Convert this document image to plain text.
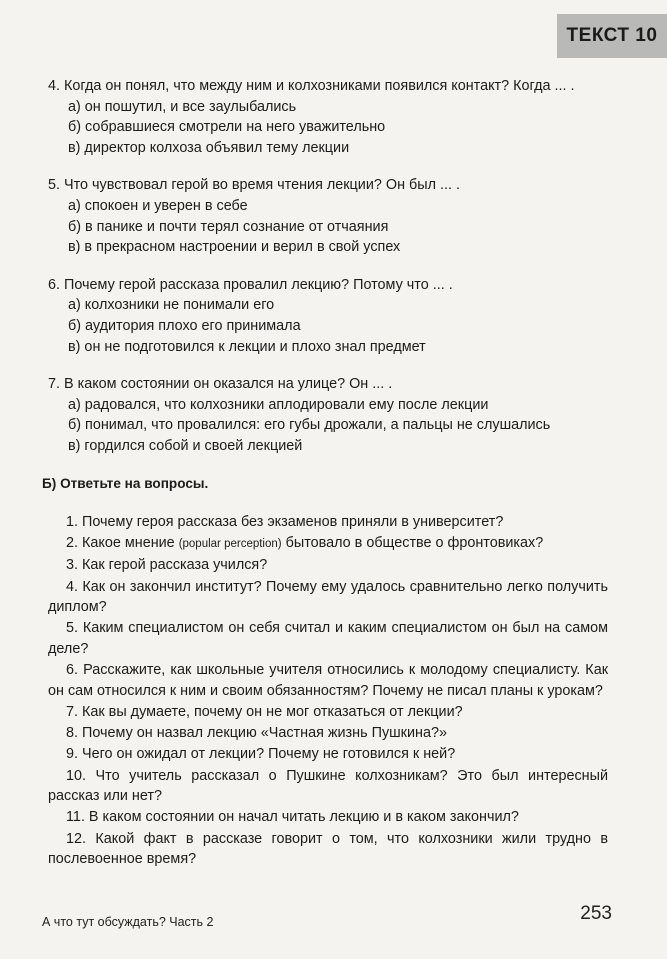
ТЕКСТ 10
4. Когда он понял, что между ним и колхозниками появился контакт? Когда ... .
а) он пошутил, и все заулыбались
б) собравшиеся смотрели на него уважительно
в) директор колхоза объявил тему лекции
5. Что чувствовал герой во время чтения лекции? Он был ... .
а) спокоен и уверен в себе
б) в панике и почти терял сознание от отчаяния
в) в прекрасном настроении и верил в свой успех
6. Почему герой рассказа провалил лекцию? Потому что ... .
а) колхозники не понимали его
б) аудитория плохо его принимала
в) он не подготовился к лекции и плохо знал предмет
7. В каком состоянии он оказался на улице? Он ... .
а) радовался, что колхозники аплодировали ему после лекции
б) понимал, что провалился: его губы дрожали, а пальцы не слушались
в) гордился собой и своей лекцией
Б) Ответьте на вопросы.
1. Почему героя рассказа без экзаменов приняли в университет?
2. Какое мнение (popular perception) бытовало в обществе о фронтовиках?
3. Как герой рассказа учился?
4. Как он закончил институт? Почему ему удалось сравнительно легко получить диплом?
5. Каким специалистом он себя считал и каким специалистом он был на самом деле?
6. Расскажите, как школьные учителя относились к молодому специалисту. Как он сам относился к ним и своим обязанностям? Почему не писал планы к урокам?
7. Как вы думаете, почему он не мог отказаться от лекции?
8. Почему он назвал лекцию «Частная жизнь Пушкина?»
9. Чего он ожидал от лекции? Почему не готовился к ней?
10. Что учитель рассказал о Пушкине колхозникам? Это был интересный рассказ или нет?
11. В каком состоянии он начал читать лекцию и в каком закончил?
12. Какой факт в рассказе говорит о том, что колхозники жили трудно в послевоенное время?
А что тут обсуждать? Часть 2	253
